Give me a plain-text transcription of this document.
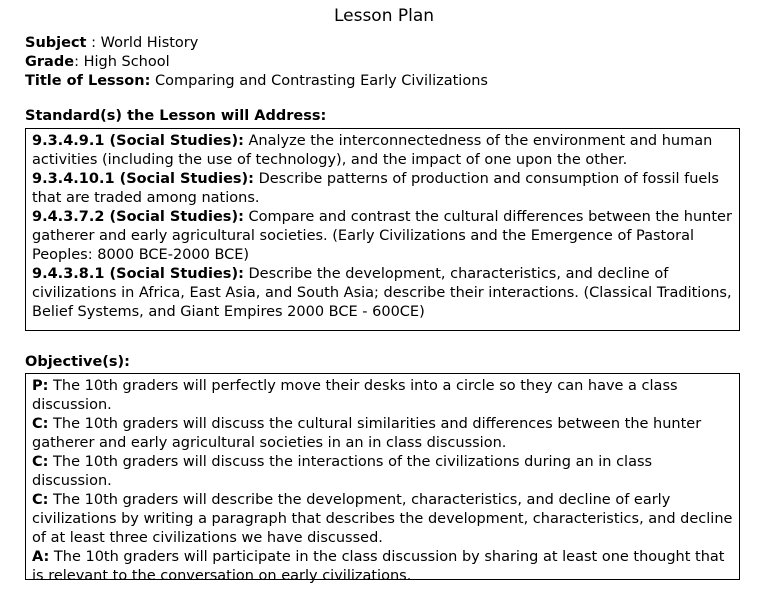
Lesson Plan
Subject : World History
Grade: High School
Title of Lesson: Comparing and Contrasting Early Civilizations
Standard(s) the Lesson will Address:

9.3.4.9.1 (Social Studies): Analyze the interconnectedness of the environment and human activities (including the use of technology), and the impact of one upon the other.

9.3.4.10.1 (Social Studies): Describe patterns of production and consumption of fossil fuels that are traded among nations.

9.4.3.7.2 (Social Studies): Compare and contrast the cultural differences between the hunter gatherer and early agricultural societies. (Early Civilizations and the Emergence of Pastoral Peoples: 8000 BCE-2000 BCE)

9.4.3.8.1 (Social Studies): Describe the development, characteristics, and decline of civilizations in Africa, East Asia, and South Asia; describe their interactions. (Classical Traditions, Belief Systems, and Giant Empires 2000 BCE - 600CE)

Objective(s):

P: The 10th graders will perfectly move their desks into a circle so they can have a class discussion.

C: The 10th graders will discuss the cultural similarities and differences between the hunter gatherer and early agricultural societies in an in class discussion.

C: The 10th graders will discuss the interactions of the civilizations during an in class discussion.

C: The 10th graders will describe the development, characteristics, and decline of early civilizations by writing a paragraph that describes the development, characteristics, and decline of at least three civilizations we have discussed.

A: The 10th graders will participate in the class discussion by sharing at least one thought that is relevant to the conversation on early civilizations.
